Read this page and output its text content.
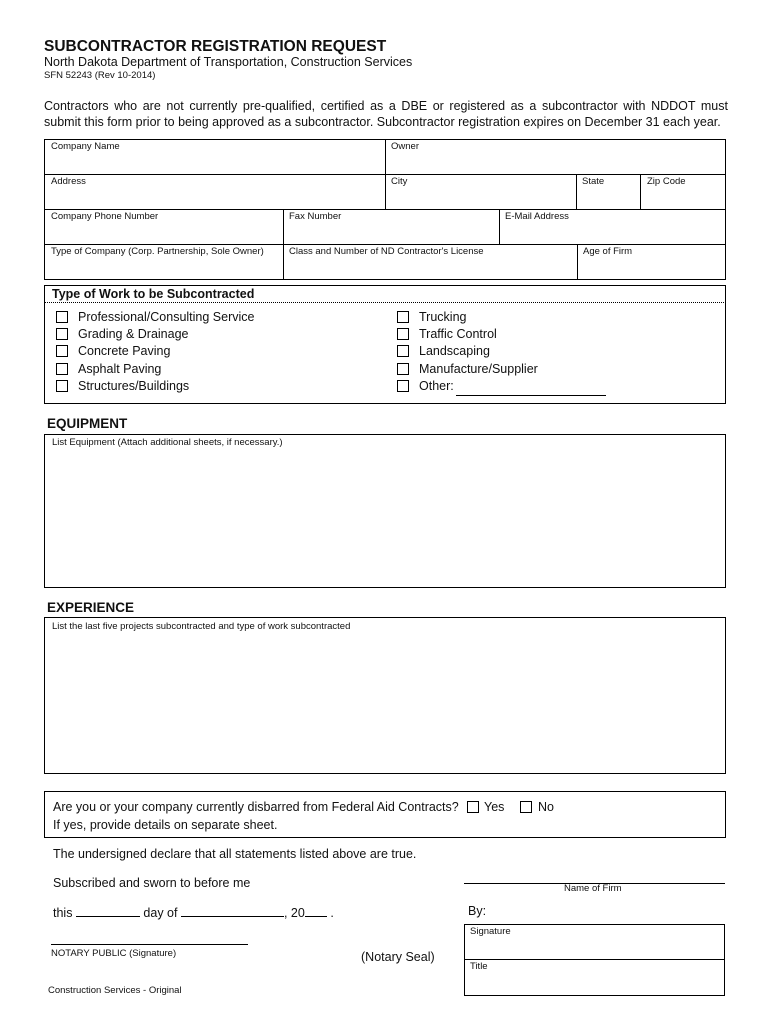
SUBCONTRACTOR REGISTRATION REQUEST
North Dakota Department of Transportation, Construction Services
SFN 52243 (Rev 10-2014)
Contractors who are not currently pre-qualified, certified as a DBE or registered as a subcontractor with NDDOT must
submit this form prior to being approved as a subcontractor. Subcontractor registration expires on December 31 each year.
Company Name	Owner
Address	City	State	Zip Code
Company Phone Number	Fax Number	E-Mail Address
Type of Company (Corp. Partnership, Sole Owner)	Class and Number of ND Contractor's License	Age of Firm
Type of Work to be Subcontracted
Professional/Consulting Service
Grading & Drainage
Concrete Paving
Asphalt Paving
Structures/Buildings
Trucking
Traffic Control
Landscaping
Manufacture/Supplier
Other:
EQUIPMENT
List Equipment (Attach additional sheets, if necessary.)
EXPERIENCE
List the last five projects subcontracted and type of work subcontracted
Are you or your company currently disbarred from Federal Aid Contracts? Yes	No
If yes, provide details on separate sheet.
The undersigned declare that all statements listed above are true.
Subscribed and sworn to before me
this	day of	, 20 .
NOTARY PUBLIC (Signature)	(Notary Seal)
Name of Firm
By:
Signature
Title
Construction Services - Original
